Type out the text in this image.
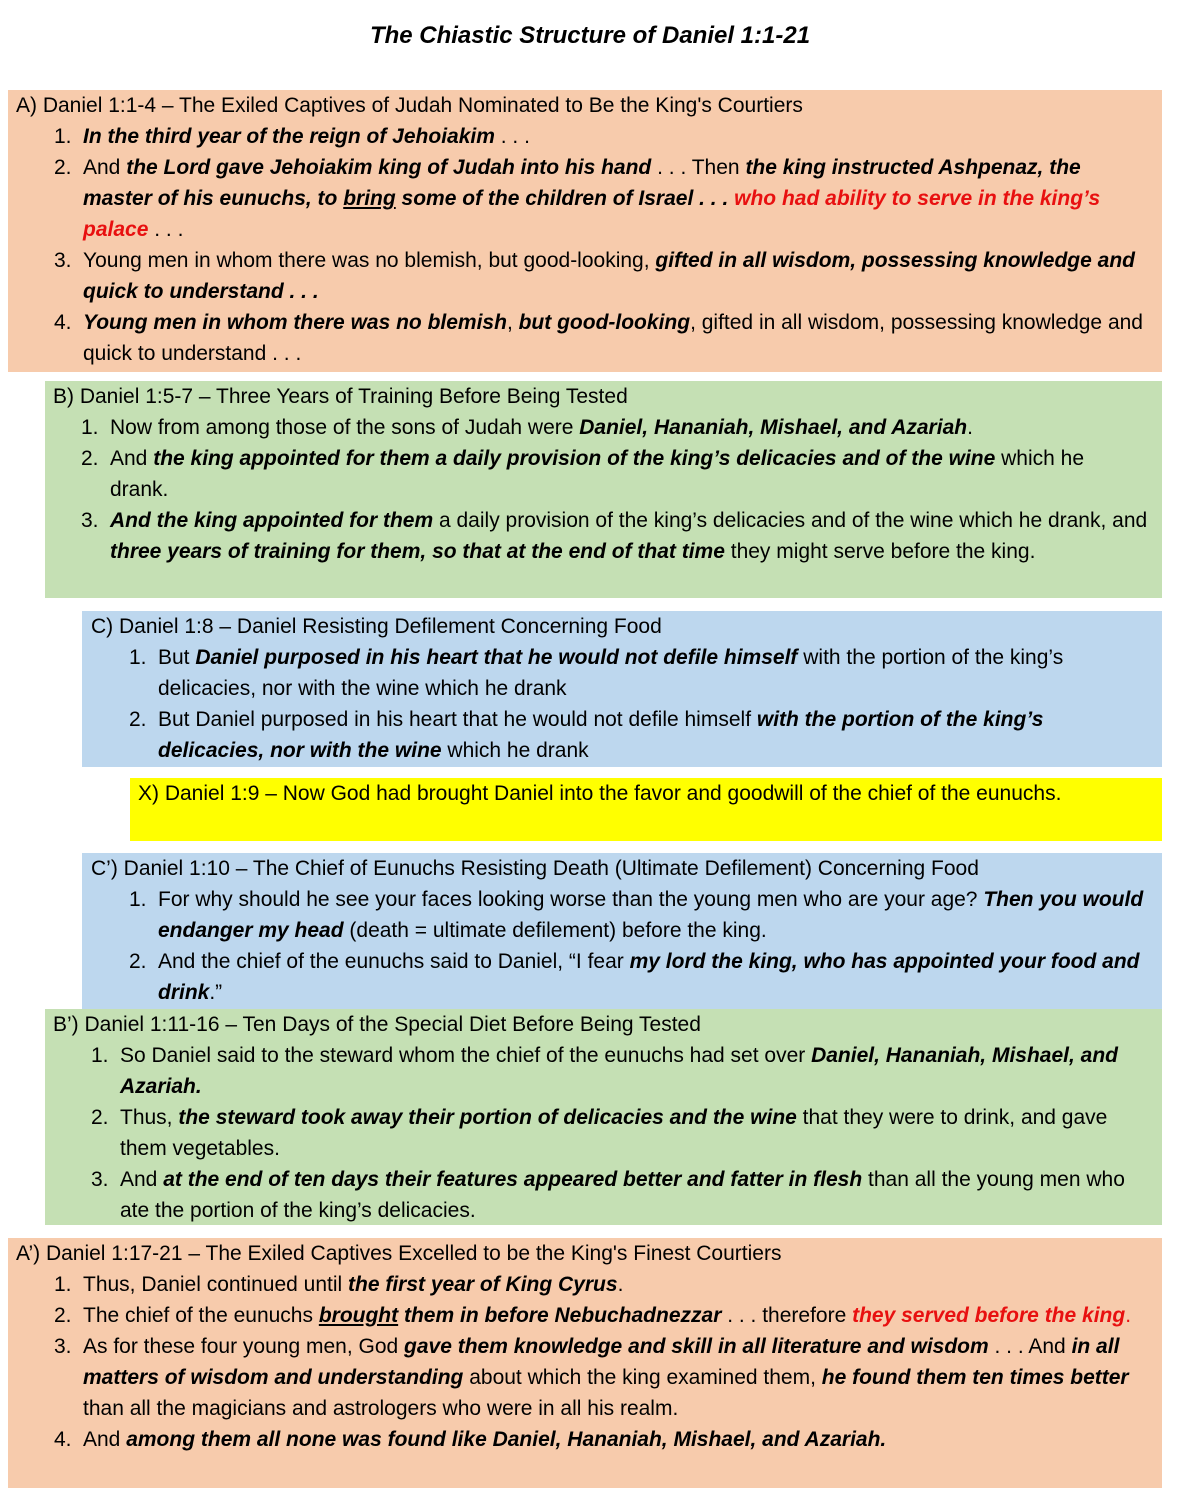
The Chiastic Structure of Daniel 1:1-21
A) Daniel 1:1-4 – The Exiled Captives of Judah Nominated to Be the King's Courtiers
1. In the third year of the reign of Jehoiakim . . .
2. And the Lord gave Jehoiakim king of Judah into his hand . . . Then the king instructed Ashpenaz, the master of his eunuchs, to bring some of the children of Israel . . . who had ability to serve in the king’s palace . . .
3. Young men in whom there was no blemish, but good-looking, gifted in all wisdom, possessing knowledge and quick to understand . . .
4. Young men in whom there was no blemish, but good-looking, gifted in all wisdom, possessing knowledge and quick to understand . . .
B) Daniel 1:5-7 – Three Years of Training Before Being Tested
1. Now from among those of the sons of Judah were Daniel, Hananiah, Mishael, and Azariah.
2. And the king appointed for them a daily provision of the king’s delicacies and of the wine which he drank.
3. And the king appointed for them a daily provision of the king’s delicacies and of the wine which he drank, and three years of training for them, so that at the end of that time they might serve before the king.
C) Daniel 1:8 – Daniel Resisting Defilement Concerning Food
1. But Daniel purposed in his heart that he would not defile himself with the portion of the king’s delicacies, nor with the wine which he drank
2. But Daniel purposed in his heart that he would not defile himself with the portion of the king’s delicacies, nor with the wine which he drank
X) Daniel 1:9 – Now God had brought Daniel into the favor and goodwill of the chief of the eunuchs.
C’) Daniel 1:10 – The Chief of Eunuchs Resisting Death (Ultimate Defilement) Concerning Food
1. For why should he see your faces looking worse than the young men who are your age? Then you would endanger my head (death = ultimate defilement) before the king.
2. And the chief of the eunuchs said to Daniel, “I fear my lord the king, who has appointed your food and drink.”
B’) Daniel 1:11-16 – Ten Days of the Special Diet Before Being Tested
1. So Daniel said to the steward whom the chief of the eunuchs had set over Daniel, Hananiah, Mishael, and Azariah.
2. Thus, the steward took away their portion of delicacies and the wine that they were to drink, and gave them vegetables.
3. And at the end of ten days their features appeared better and fatter in flesh than all the young men who ate the portion of the king’s delicacies.
A’) Daniel 1:17-21 – The Exiled Captives Excelled to be the King's Finest Courtiers
1. Thus, Daniel continued until the first year of King Cyrus.
2. The chief of the eunuchs brought them in before Nebuchadnezzar . . . therefore they served before the king.
3. As for these four young men, God gave them knowledge and skill in all literature and wisdom . . . And in all matters of wisdom and understanding about which the king examined them, he found them ten times better than all the magicians and astrologers who were in all his realm.
4. And among them all none was found like Daniel, Hananiah, Mishael, and Azariah.
